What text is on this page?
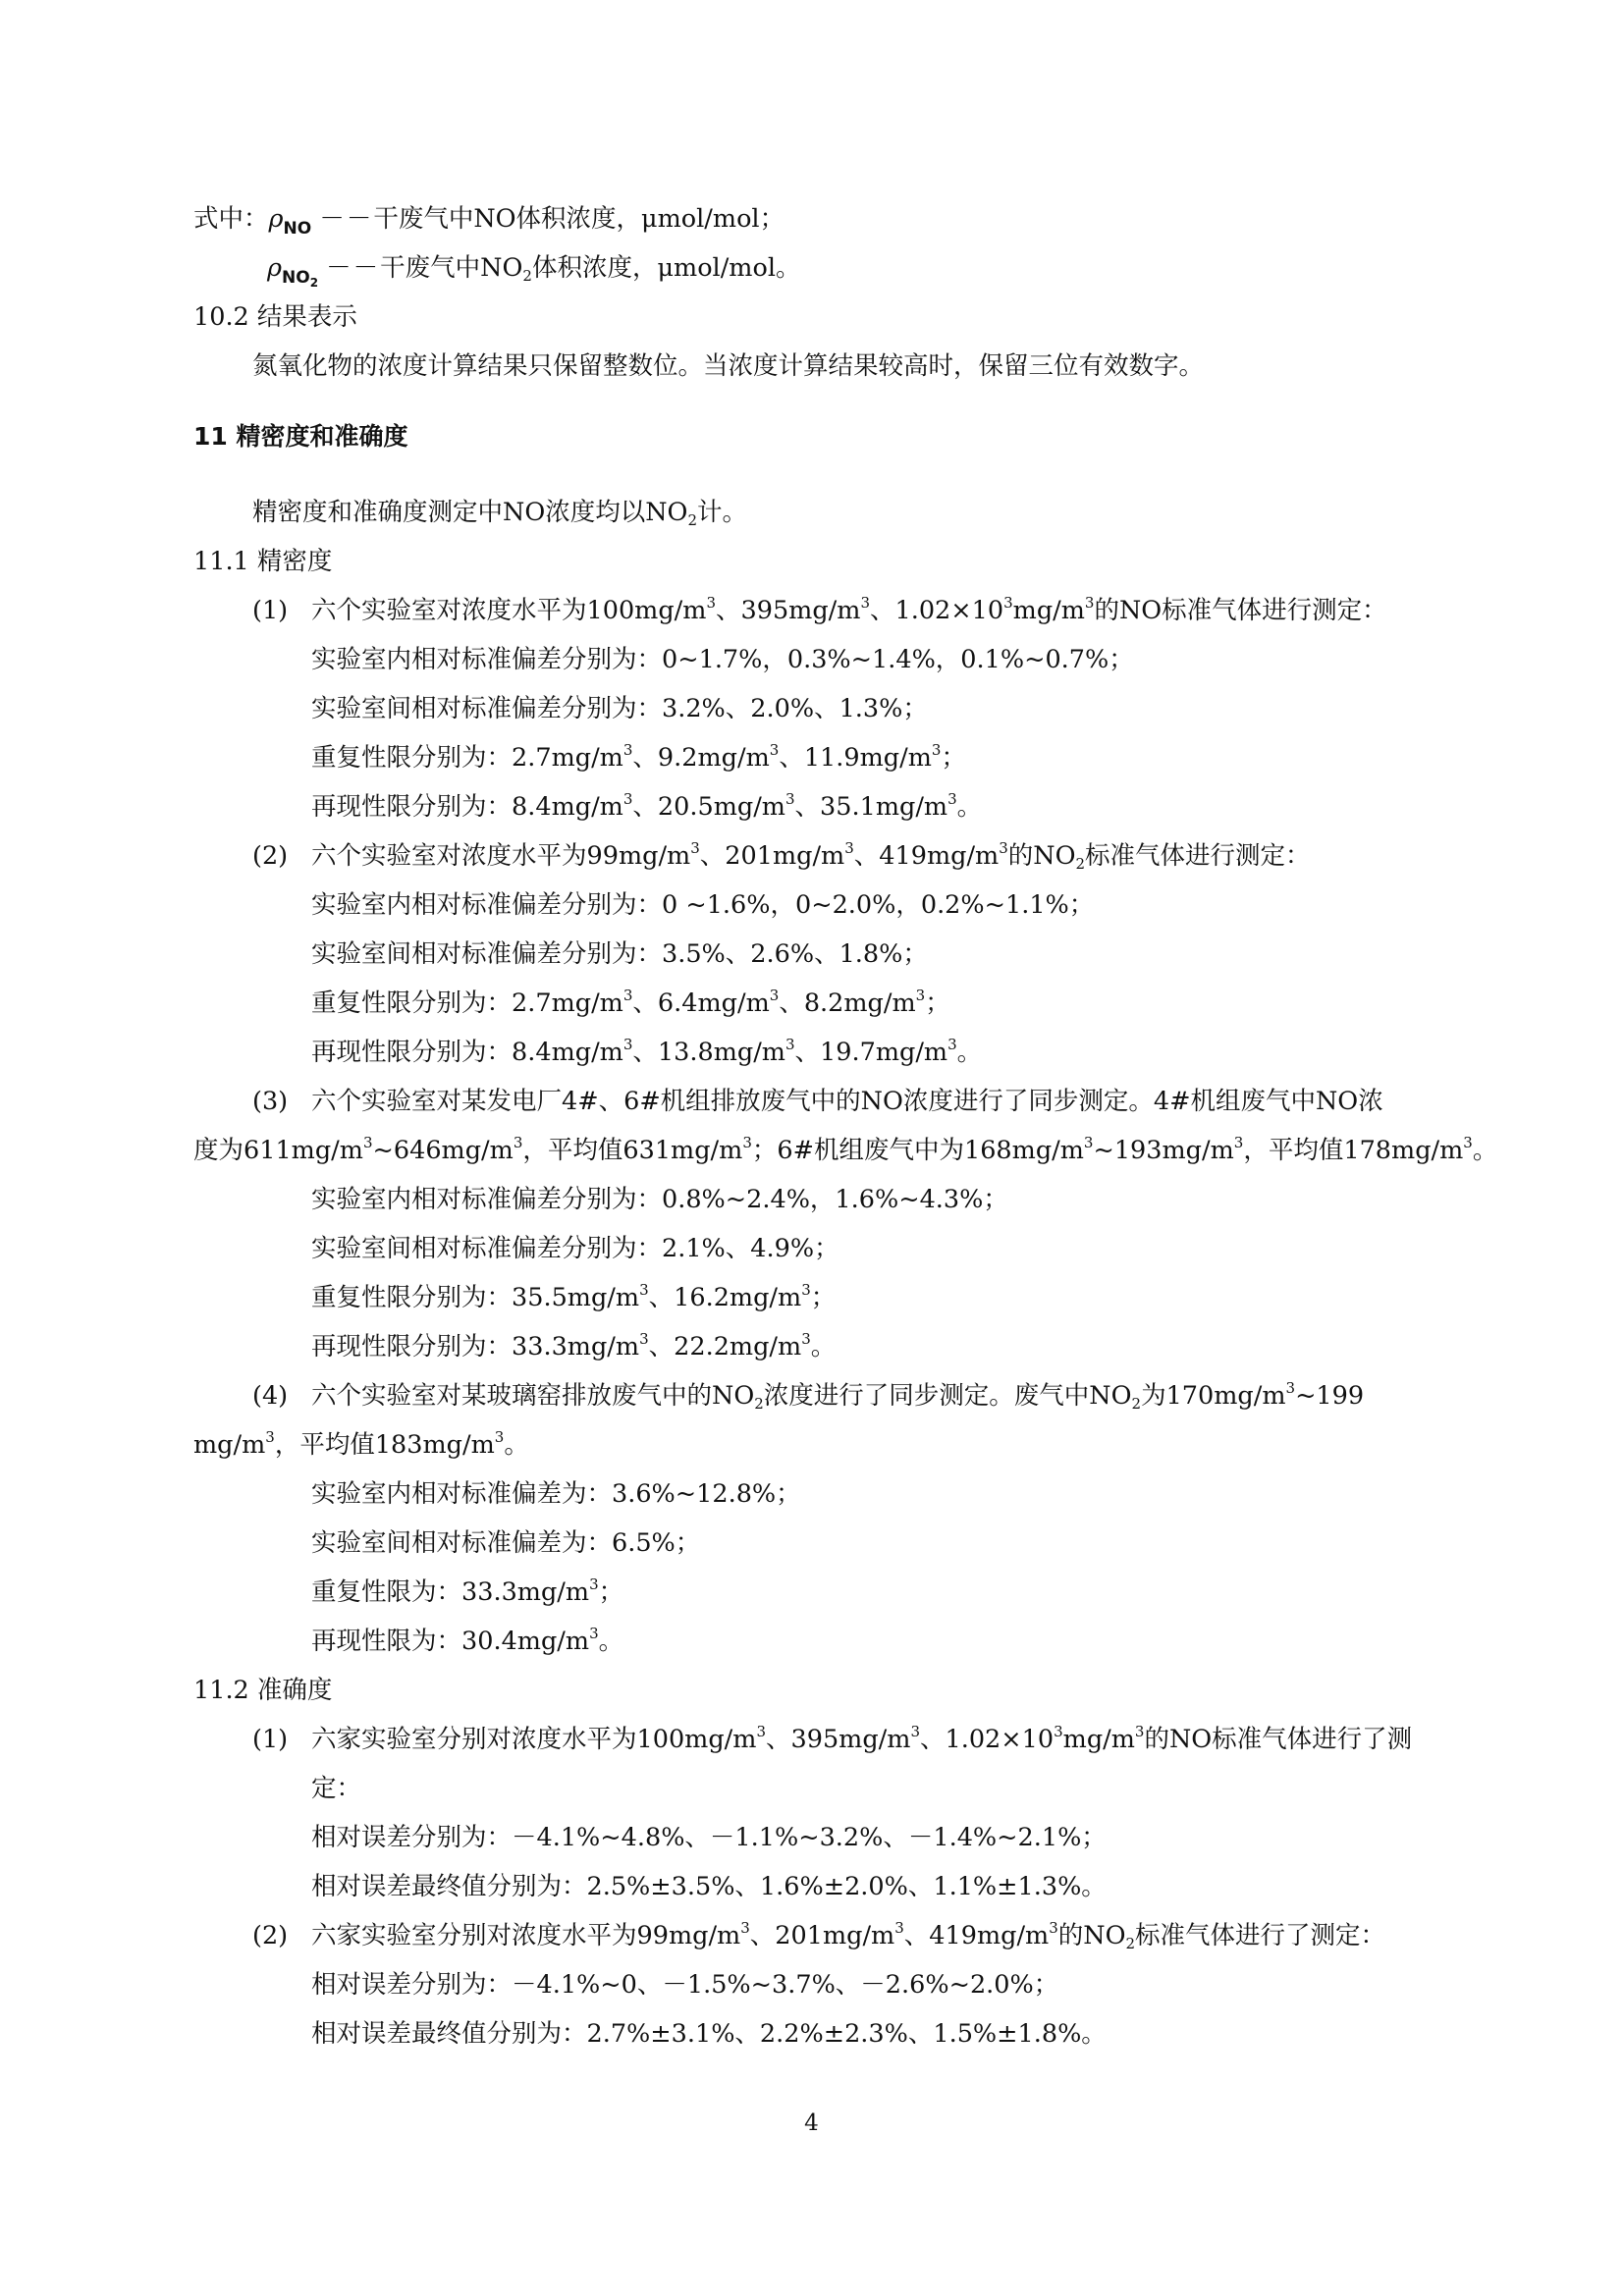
式中：$\rho_{NO}$ －－干废气中NO体积浓度，μmol/mol；
$\rho_{NO_2}$ －－干废气中$NO_2$体积浓度，μmol/mol。
10.2 结果表示
氮氧化物的浓度计算结果只保留整数位。当浓度计算结果较高时，保留三位有效数字。
11 精密度和准确度
精密度和准确度测定中NO浓度均以$NO_2$计。
11.1 精密度
(1) 六个实验室对浓度水平为$100mg/m^3$、$395mg/m^3$、$1.02\times 10^3mg/m^3$的NO标准气体进行测定：
实验室内相对标准偏差分别为：0~1.7%，0.3%~1.4%，0.1%~0.7%；
实验室间相对标准偏差分别为：3.2%、2.0%、1.3%；
重复性限分别为：$2.7mg/m^3$、$9.2mg/m^3$、$11.9mg/m^3$；
再现性限分别为：$8.4mg/m^3$、$20.5mg/m^3$、$35.1mg/m^3$。
(2) 六个实验室对浓度水平为$99mg/m^3$、$201mg/m^3$、$419mg/m^3$的$NO_2$标准气体进行测定：
实验室内相对标准偏差分别为：0 ~1.6%，0~2.0%，0.2%~1.1%；
实验室间相对标准偏差分别为：3.5%、2.6%、1.8%；
重复性限分别为：$2.7mg/m^3$、$6.4mg/m^3$、$8.2mg/m^3$；
再现性限分别为：$8.4mg/m^3$、$13.8mg/m^3$、$19.7mg/m^3$。
(3) 六个实验室对某发电厂4#、6#机组排放废气中的NO浓度进行了同步测定。4#机组废气中NO浓
度为$611mg/m^3\sim 646mg/m^3$，平均值$631mg/m^3$；6#机组废气中为$168mg/m^3\sim 193mg/m^3$，平均值$178mg/m^3$。
实验室内相对标准偏差分别为：0.8%~2.4%，1.6%~4.3%；
实验室间相对标准偏差分别为：2.1%、4.9%；
重复性限分别为：$35.5mg/m^3$、$16.2mg/m^3$；
再现性限分别为：$33.3mg/m^3$、$22.2mg/m^3$。
(4) 六个实验室对某玻璃窑排放废气中的$NO_2$浓度进行了同步测定。废气中$NO_2$为$170mg/m^3\sim 199$
$mg/m^3$，平均值$183mg/m^3$。
实验室内相对标准偏差为：3.6%~12.8%；
实验室间相对标准偏差为：6.5%；
重复性限为：$33.3mg/m^3$；
再现性限为：$30.4mg/m^3$。
11.2 准确度
(1) 六家实验室分别对浓度水平为$100mg/m^3$、$395mg/m^3$、$1.02\times 10^3mg/m^3$的NO标准气体进行了测
定：
相对误差分别为：－4.1%~4.8%、－1.1%~3.2%、－1.4%~2.1%；
相对误差最终值分别为：2.5%±3.5%、1.6%±2.0%、1.1%±1.3%。
(2) 六家实验室分别对浓度水平为$99mg/m^3$、$201mg/m^3$、$419mg/m^3$的$NO_2$标准气体进行了测定：
相对误差分别为：－4.1%~0、－1.5%~3.7%、－2.6%~2.0%；
相对误差最终值分别为：2.7%±3.1%、2.2%±2.3%、1.5%±1.8%。
4
